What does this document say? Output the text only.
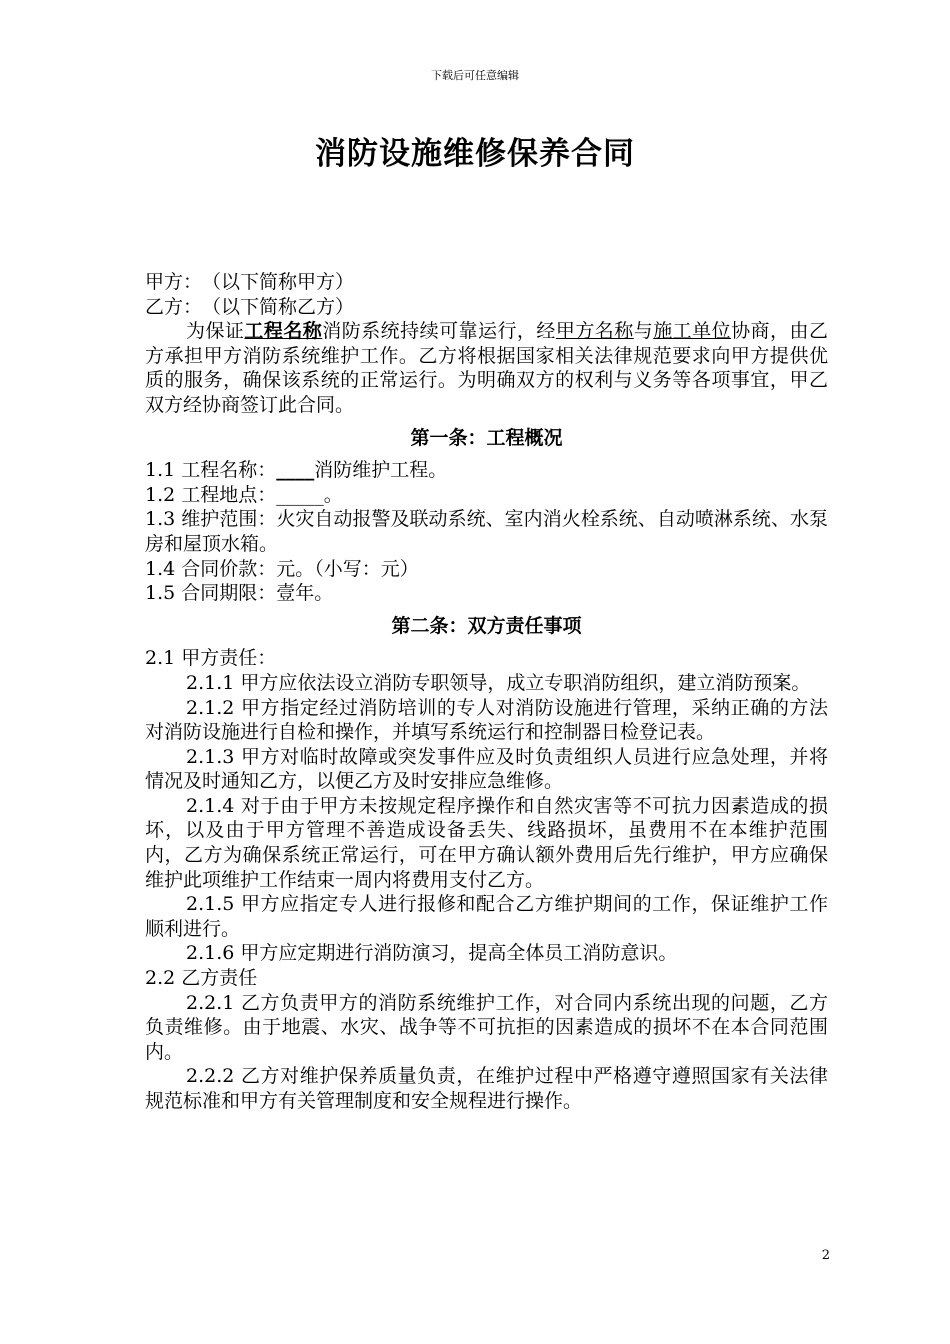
下载后可任意编辑
消防设施维修保养合同

甲方：　（以下简称甲方）

乙方：　（以下简称乙方）

为保证工程名称消防系统持续可靠运行，经甲方名称与施工单位协商，由乙方承担甲方消防系统维护工作。乙方将根据国家相关法律规范要求向甲方提供优质的服务，确保该系统的正常运行。为明确双方的权利与义务等各项事宜，甲乙双方经协商签订此合同。

第一条：工程概况

1.1 工程名称：____消防维护工程。

1.2 工程地点：_____。

1.3 维护范围：火灾自动报警及联动系统、室内消火栓系统、自动喷淋系统、水泵房和屋顶水箱。

1.4 合同价款：元。（小写：元）

1.5 合同期限：壹年。

第二条：双方责任事项

2.1 甲方责任：

2.1.1 甲方应依法设立消防专职领导，成立专职消防组织，建立消防预案。

2.1.2 甲方指定经过消防培训的专人对消防设施进行管理，采纳正确的方法对消防设施进行自检和操作，并填写系统运行和控制器日检登记表。

2.1.3 甲方对临时故障或突发事件应及时负责组织人员进行应急处理，并将情况及时通知乙方，以便乙方及时安排应急维修。

2.1.4 对于由于甲方未按规定程序操作和自然灾害等不可抗力因素造成的损坏，以及由于甲方管理不善造成设备丢失、线路损坏，虽费用不在本维护范围内，乙方为确保系统正常运行，可在甲方确认额外费用后先行维护，甲方应确保维护此项维护工作结束一周内将费用支付乙方。

2.1.5 甲方应指定专人进行报修和配合乙方维护期间的工作，保证维护工作顺利进行。

2.1.6 甲方应定期进行消防演习，提高全体员工消防意识。

2.2 乙方责任

2.2.1 乙方负责甲方的消防系统维护工作，对合同内系统出现的问题，乙方负责维修。由于地震、水灾、战争等不可抗拒的因素造成的损坏不在本合同范围内。

2.2.2 乙方对维护保养质量负责，在维护过程中严格遵守遵照国家有关法律规范标准和甲方有关管理制度和安全规程进行操作。

2
